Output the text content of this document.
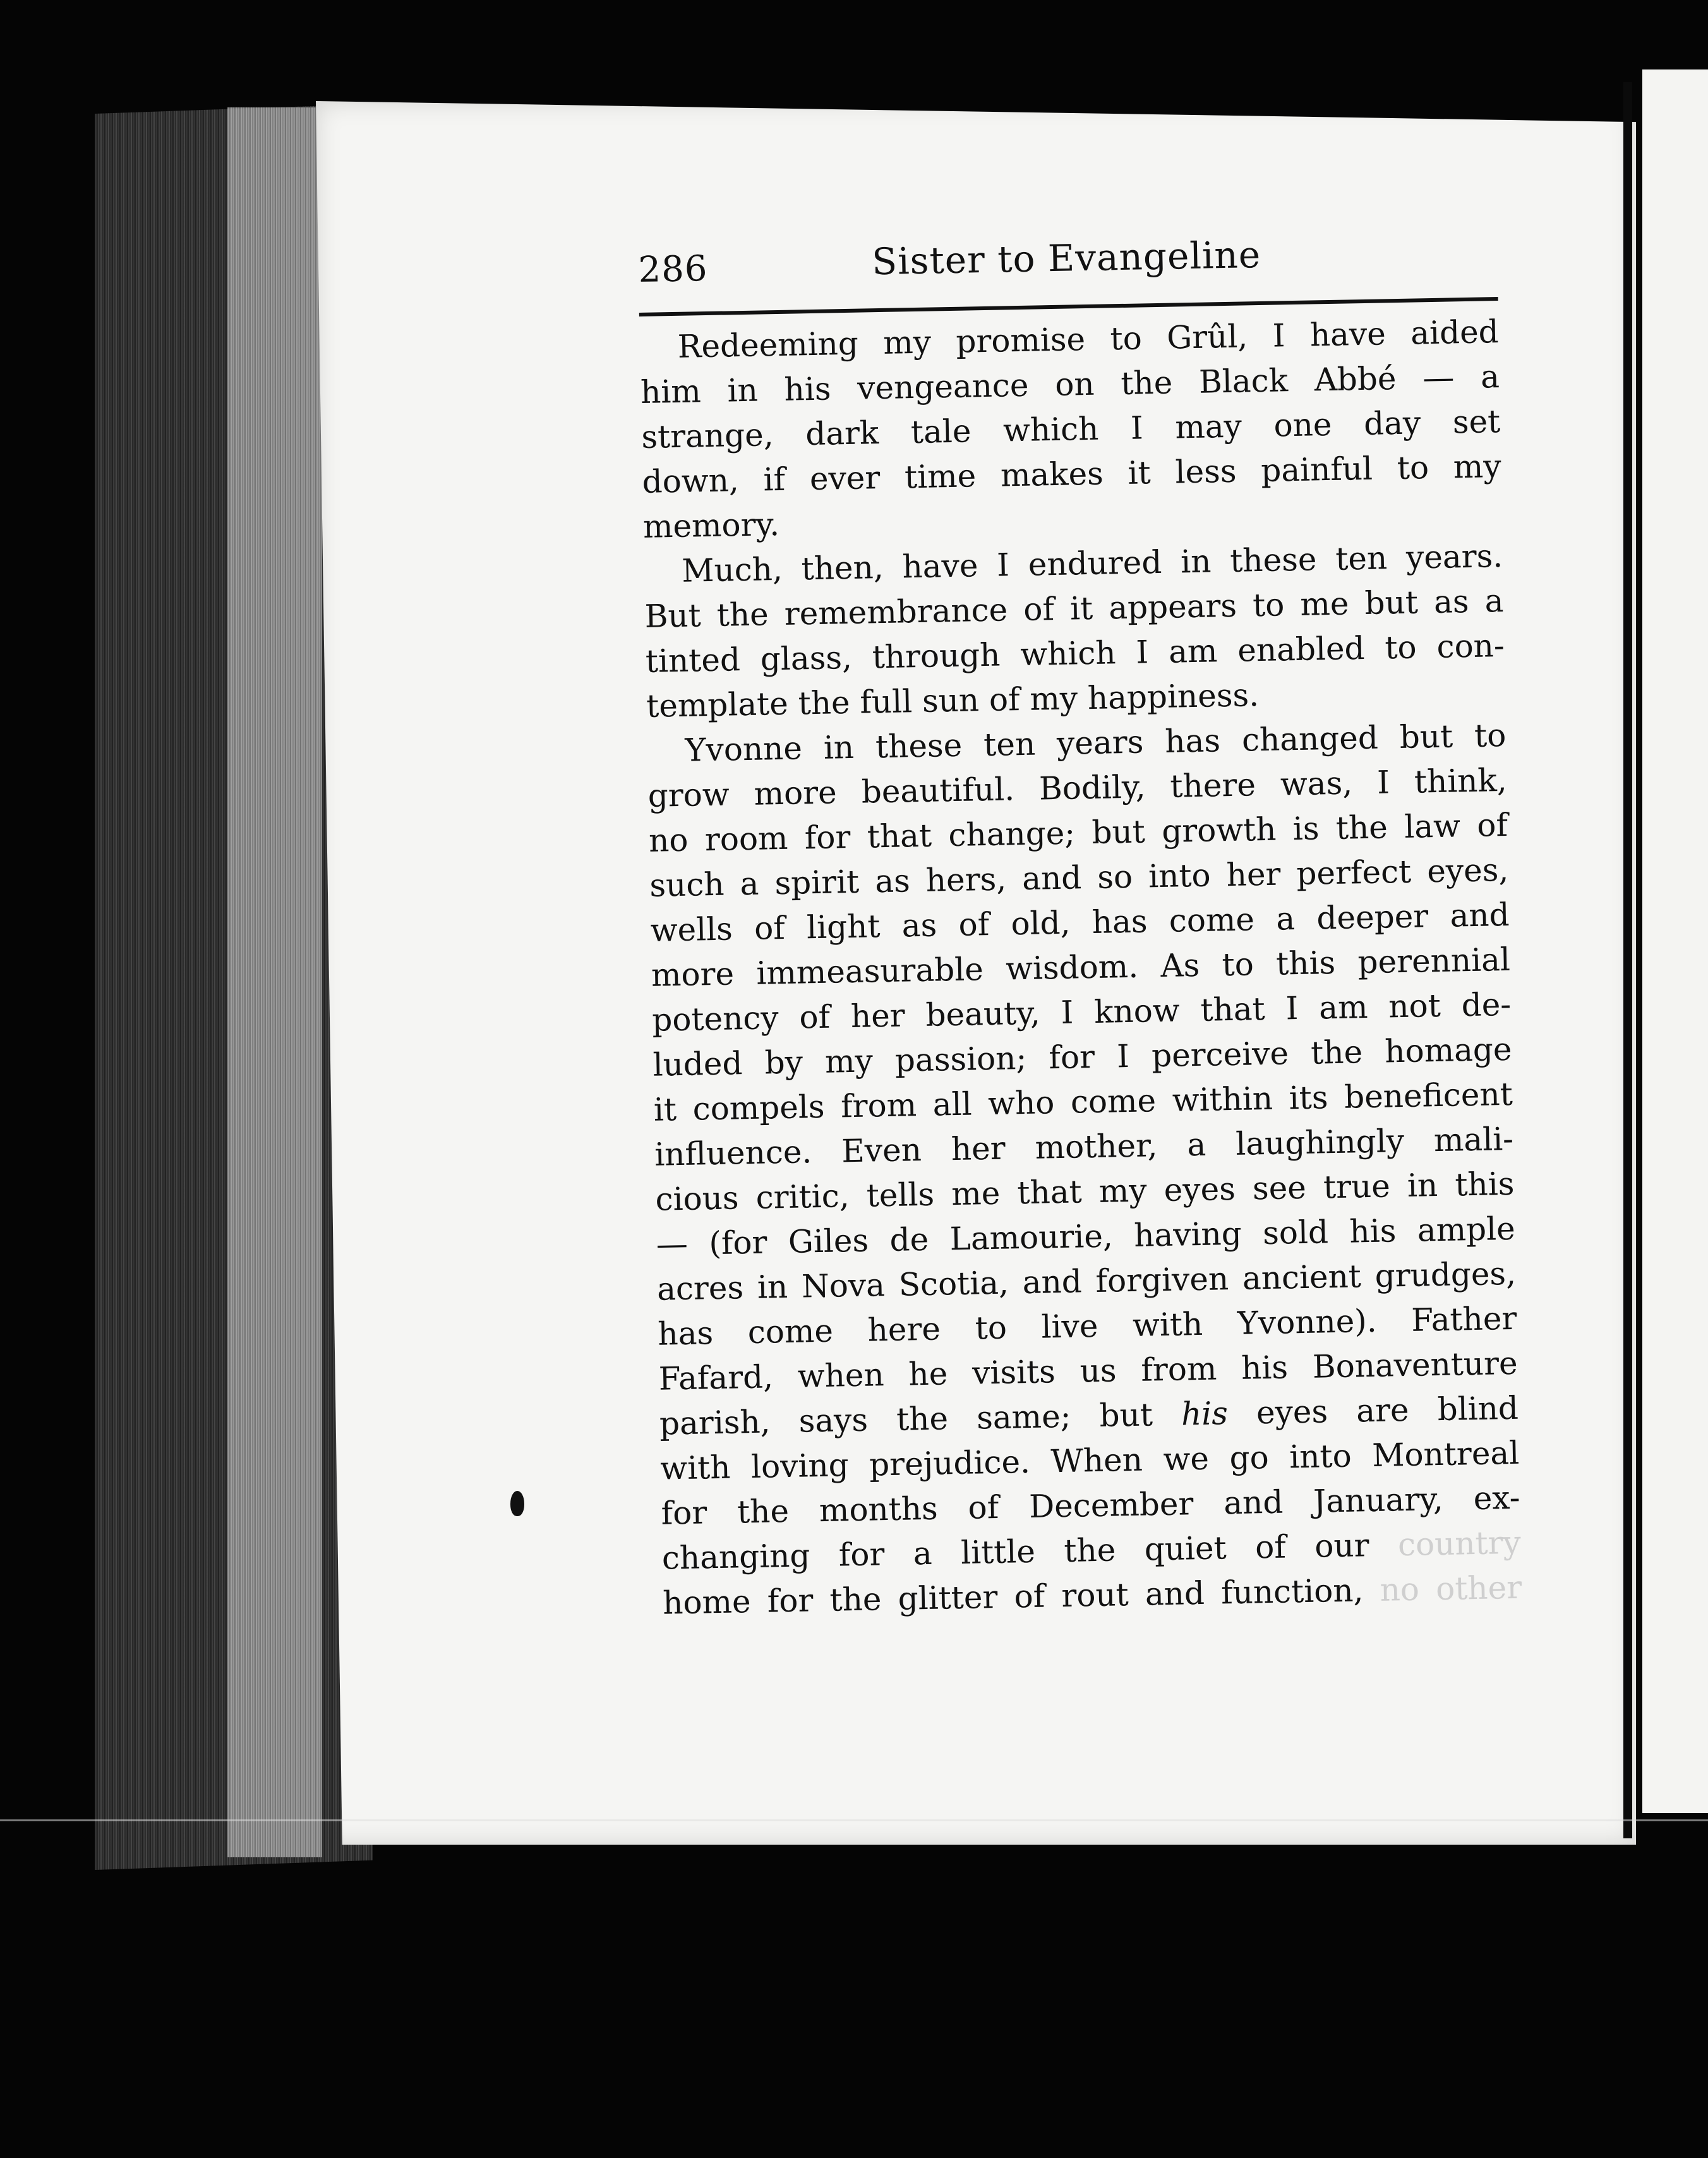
286	Sister to Evangeline
Redeeming my promise to Grûl, I have aided
him in his vengeance on the Black Abbé — a
strange, dark tale which I may one day set
down, if ever time makes it less painful to my
memory.
Much, then, have I endured in these ten years.
But the remembrance of it appears to me but as a
tinted glass, through which I am enabled to con-
template the full sun of my happiness.
Yvonne in these ten years has changed but to
grow more beautiful. Bodily, there was, I think,
no room for that change; but growth is the law of
such a spirit as hers, and so into her perfect eyes,
wells of light as of old, has come a deeper and
more immeasurable wisdom. As to this perennial
potency of her beauty, I know that I am not de-
luded by my passion; for I perceive the homage
it compels from all who come within its beneficent
influence. Even her mother, a laughingly mali-
cious critic, tells me that my eyes see true in this
— (for Giles de Lamourie, having sold his ample
acres in Nova Scotia, and forgiven ancient grudges,
has come here to live with Yvonne). Father
Fafard, when he visits us from his Bonaventure
parish, says the same; but his eyes are blind
with loving prejudice. When we go into Montreal
for the months of December and January, ex-
changing for a little the quiet of our country
home for the glitter of rout and function, no other
